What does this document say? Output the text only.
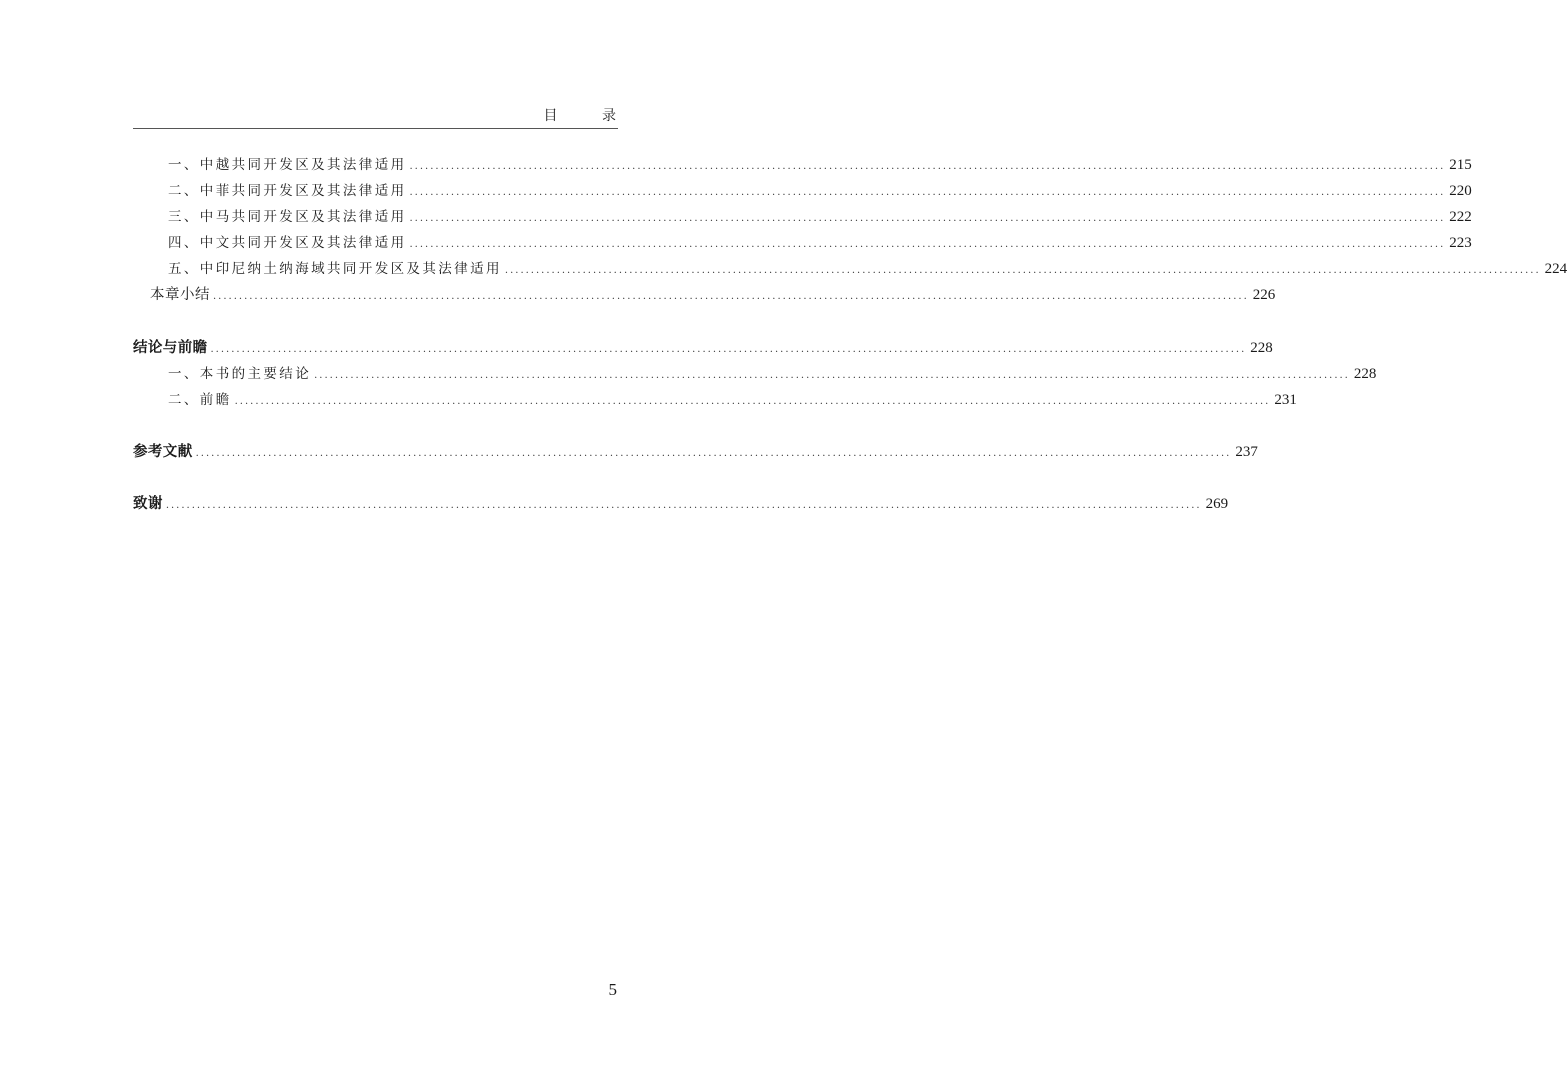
目 录
一、中越共同开发区及其法律适用 ........................................................................................................................................................................................................ 215
二、中菲共同开发区及其法律适用 ........................................................................................................................................................................................................ 220
三、中马共同开发区及其法律适用 ........................................................................................................................................................................................................ 222
四、中文共同开发区及其法律适用 ........................................................................................................................................................................................................ 223
五、中印尼纳土纳海域共同开发区及其法律适用 ........................................................................................................................................................................................................ 224
本章小结 ........................................................................................................................................................................................................ 226
结论与前瞻 ........................................................................................................................................................................................................ 228
一、本书的主要结论 ........................................................................................................................................................................................................ 228
二、前瞻 ........................................................................................................................................................................................................ 231
参考文献 ........................................................................................................................................................................................................ 237
致谢 ........................................................................................................................................................................................................ 269
5
